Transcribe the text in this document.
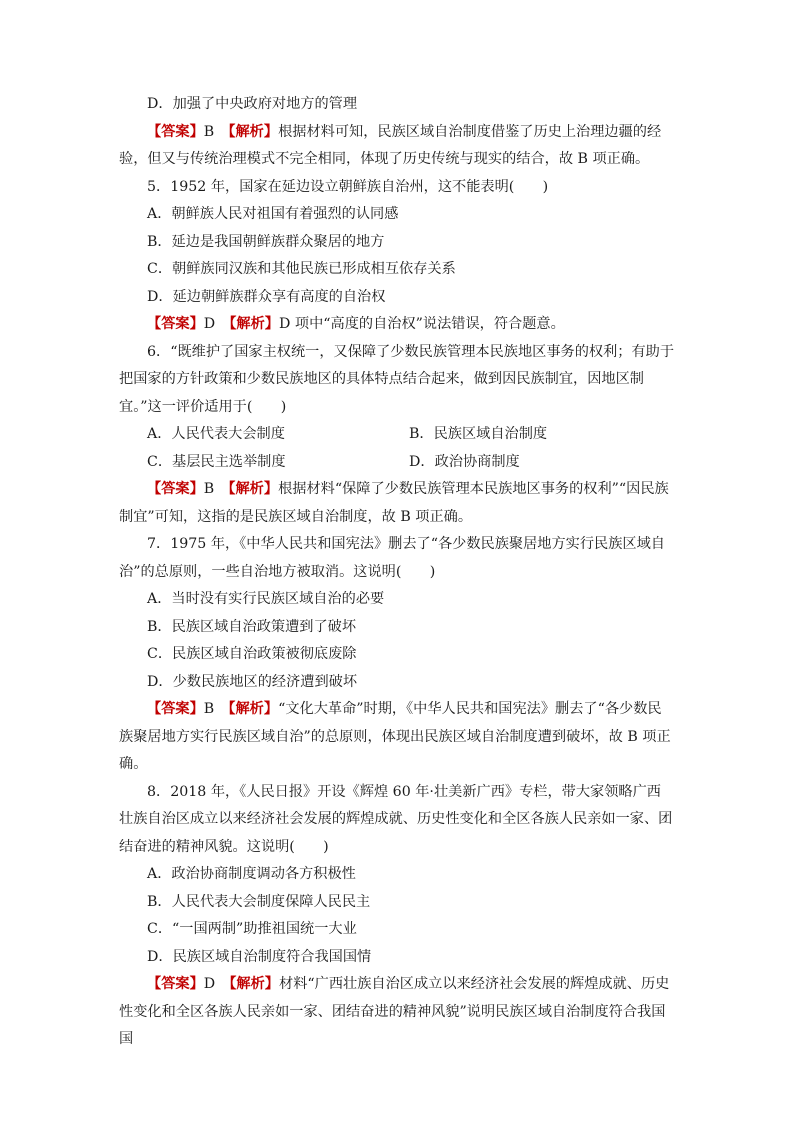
D．加强了中央政府对地方的管理
【答案】B　 【解析】根据材料可知，民族区域自治制度借鉴了历史上治理边疆的经验，但又与传统治理模式不完全相同，体现了历史传统与现实的结合，故 B 项正确。
5．1952 年，国家在延边设立朝鲜族自治州，这不能表明(　　)
A．朝鲜族人民对祖国有着强烈的认同感
B．延边是我国朝鲜族群众聚居的地方
C．朝鲜族同汉族和其他民族已形成相互依存关系
D．延边朝鲜族群众享有高度的自治权
【答案】D　 【解析】D 项中“高度的自治权”说法错误，符合题意。
6．“既维护了国家主权统一，又保障了少数民族管理本民族地区事务的权利；有助于把国家的方针政策和少数民族地区的具体特点结合起来，做到因民族制宜，因地区制宜。”这一评价适用于(　　)
A．人民代表大会制度	B．民族区域自治制度
C．基层民主选举制度	D．政治协商制度
【答案】B　 【解析】根据材料“保障了少数民族管理本民族地区事务的权利”“因民族制宜”可知，这指的是民族区域自治制度，故 B 项正确。
7．1975 年，《中华人民共和国宪法》删去了“各少数民族聚居地方实行民族区域自治”的总原则，一些自治地方被取消。这说明(　　)
A．当时没有实行民族区域自治的必要
B．民族区域自治政策遭到了破坏
C．民族区域自治政策被彻底废除
D．少数民族地区的经济遭到破坏
【答案】B　 【解析】“文化大革命”时期，《中华人民共和国宪法》删去了“各少数民族聚居地方实行民族区域自治”的总原则，体现出民族区域自治制度遭到破坏，故 B 项正确。
8．2018 年，《人民日报》开设《辉煌 60 年·壮美新广西》专栏，带大家领略广西壮族自治区成立以来经济社会发展的辉煌成就、历史性变化和全区各族人民亲如一家、团结奋进的精神风貌。这说明(　　)
A．政治协商制度调动各方积极性
B．人民代表大会制度保障人民民主
C．“一国两制”助推祖国统一大业
D．民族区域自治制度符合我国国情
【答案】D　 【解析】材料“广西壮族自治区成立以来经济社会发展的辉煌成就、历史性变化和全区各族人民亲如一家、团结奋进的精神风貌”说明民族区域自治制度符合我国国
